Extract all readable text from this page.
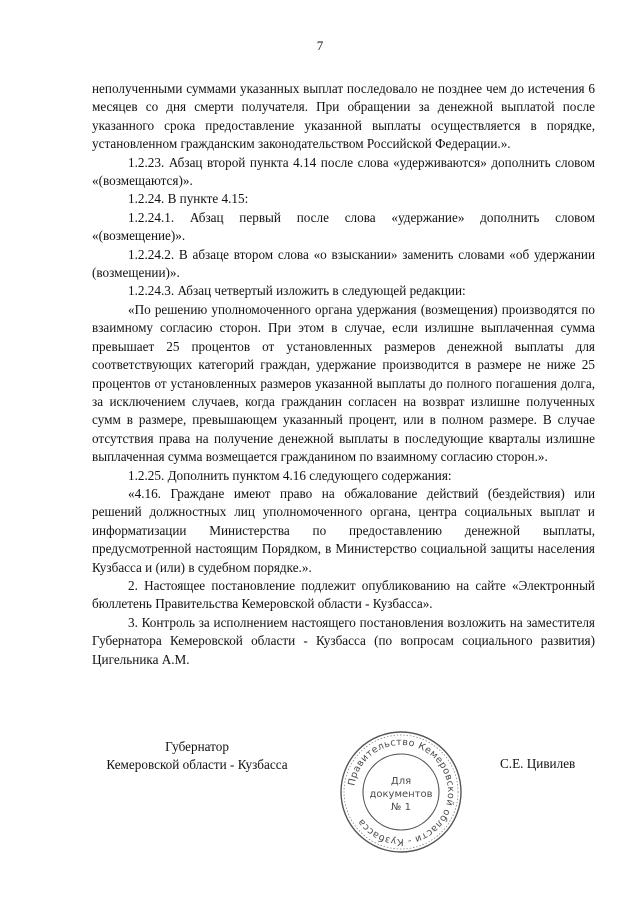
7

неполученными суммами указанных выплат последовало не позднее чем до истечения 6 месяцев со дня смерти получателя. При обращении за денежной выплатой после указанного срока предоставление указанной выплаты осуществляется в порядке, установленном гражданским законодательством Российской Федерации.».

1.2.23. Абзац второй пункта 4.14 после слова «удерживаются» дополнить словом «(возмещаются)».

1.2.24. В пункте 4.15:

1.2.24.1. Абзац первый после слова «удержание» дополнить словом «(возмещение)».

1.2.24.2. В абзаце втором слова «о взыскании» заменить словами «об удержании (возмещении)».

1.2.24.3. Абзац четвертый изложить в следующей редакции:

«По решению уполномоченного органа удержания (возмещения) производятся по взаимному согласию сторон. При этом в случае, если излишне выплаченная сумма превышает 25 процентов от установленных размеров денежной выплаты для соответствующих категорий граждан, удержание производится в размере не ниже 25 процентов от установленных размеров указанной выплаты до полного погашения долга, за исключением случаев, когда гражданин согласен на возврат излишне полученных сумм в размере, превышающем указанный процент, или в полном размере. В случае отсутствия права на получение денежной выплаты в последующие кварталы излишне выплаченная сумма возмещается гражданином по взаимному согласию сторон.».

1.2.25. Дополнить пунктом 4.16 следующего содержания:

«4.16. Граждане имеют право на обжалование действий (бездействия) или решений должностных лиц уполномоченного органа, центра социальных выплат и информатизации Министерства по предоставлению денежной выплаты, предусмотренной настоящим Порядком, в Министерство социальной защиты населения Кузбасса и (или) в судебном порядке.».

2. Настоящее постановление подлежит опубликованию на сайте «Электронный бюллетень Правительства Кемеровской области - Кузбасса».

3. Контроль за исполнением настоящего постановления возложить на заместителя Губернатора Кемеровской области - Кузбасса (по вопросам социального развития) Цигельника А.М.

Губернатор
Кемеровской области - Кузбасса
Правительство Кемеровской области - Кузбасса
Для
документов
№ 1
С.Е. Цивилев
